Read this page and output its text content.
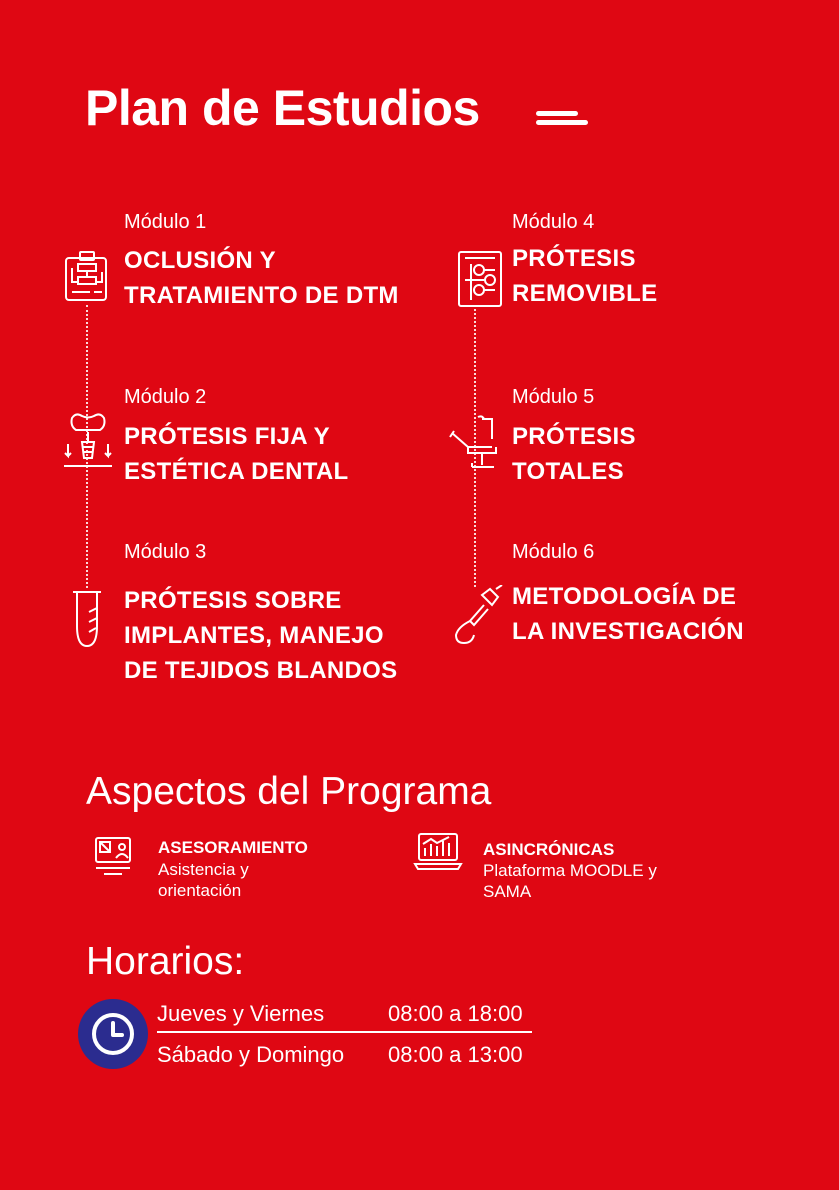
Plan de Estudios
Módulo 1
OCLUSIÓN Y
TRATAMIENTO DE DTM
Módulo 2
PRÓTESIS FIJA Y
ESTÉTICA DENTAL
Módulo 3
PRÓTESIS SOBRE
IMPLANTES, MANEJO
DE TEJIDOS BLANDOS
Módulo 4
PRÓTESIS
REMOVIBLE
Módulo 5
PRÓTESIS
TOTALES
Módulo 6
METODOLOGÍA DE
LA INVESTIGACIÓN
Aspectos del Programa
ASESORAMIENTO
Asistencia y
orientación
ASINCRÓNICAS
Plataforma MOODLE y
SAMA
Horarios:
Jueves y Viernes	08:00 a 18:00
Sábado y Domingo 08:00 a 13:00
